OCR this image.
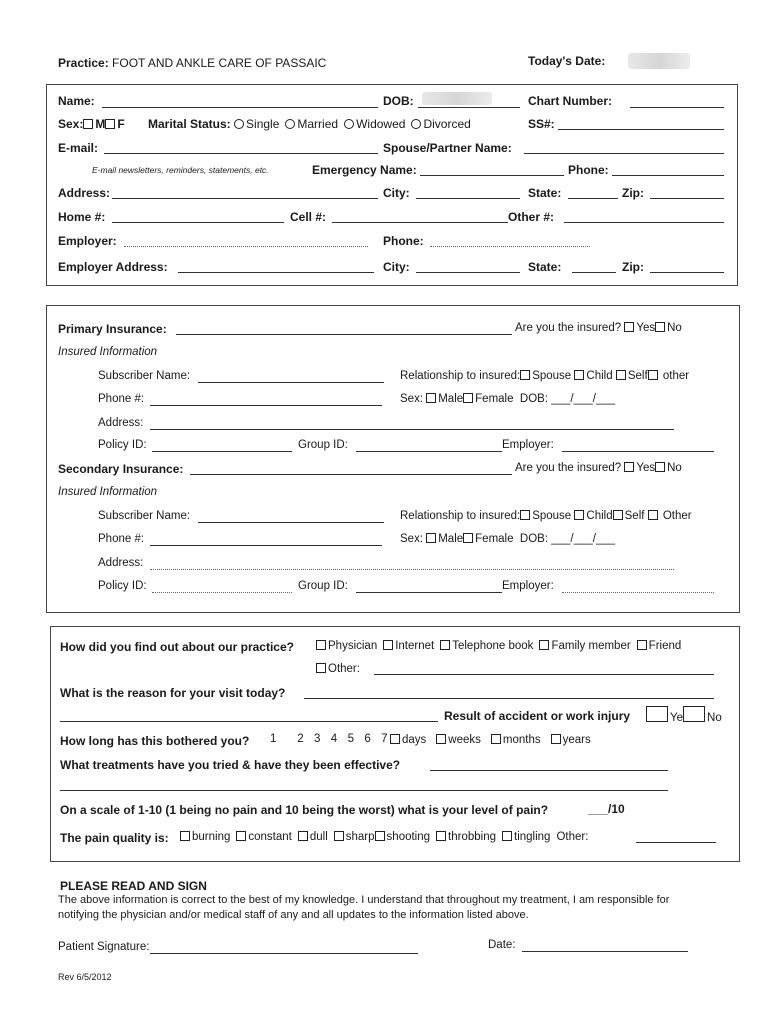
Practice: FOOT AND ANKLE CARE OF PASSAIC	Today's Date:
Name:	DOB:	Chart Number:
Sex: M F Marital Status: Single Married Widowed Divorced	SS#:
E-mail:	Spouse/Partner Name:
E-mail newsletters, reminders, statements, etc.	Emergency Name:	Phone:
Address:	City:	State:	Zip:
Home #:	Cell #:	Other #:
Employer:	Phone:
Employer Address:	City:	State:	Zip:
Primary Insurance:	Are you the insured? Yes No
Insured Information
Subscriber Name:	Relationship to insured: Spouse Child Self other
Phone #:	Sex: Male Female DOB: ___/___/___
Address:
Policy ID:	Group ID:	Employer:
Secondary Insurance:	Are you the insured? Yes No
Insured Information
Subscriber Name:	Relationship to insured: Spouse Child Self Other
Phone #:	Sex: Male Female DOB: ___/___/___
Address:
Policy ID:	Group ID:	Employer:
How did you find out about our practice?	Physician Internet Telephone book Family member Friend
Other:
What is the reason for your visit today?
Result of accident or work injury	Ye No
How long has this bothered you? 1 2 3 4 5 6 7	days weeks months years
What treatments have you tried & have they been effective?
On a scale of 1-10 (1 being no pain and 10 being the worst) what is your level of pain?	___/10
The pain quality is:	burning constant dull sharp shooting throbbing tingling Other:
PLEASE READ AND SIGN
The above information is correct to the best of my knowledge. I understand that throughout my treatment, I am responsible for
notifying the physician and/or medical staff of any and all updates to the information listed above.
Patient Signature:	Date:
Rev 6/5/2012
